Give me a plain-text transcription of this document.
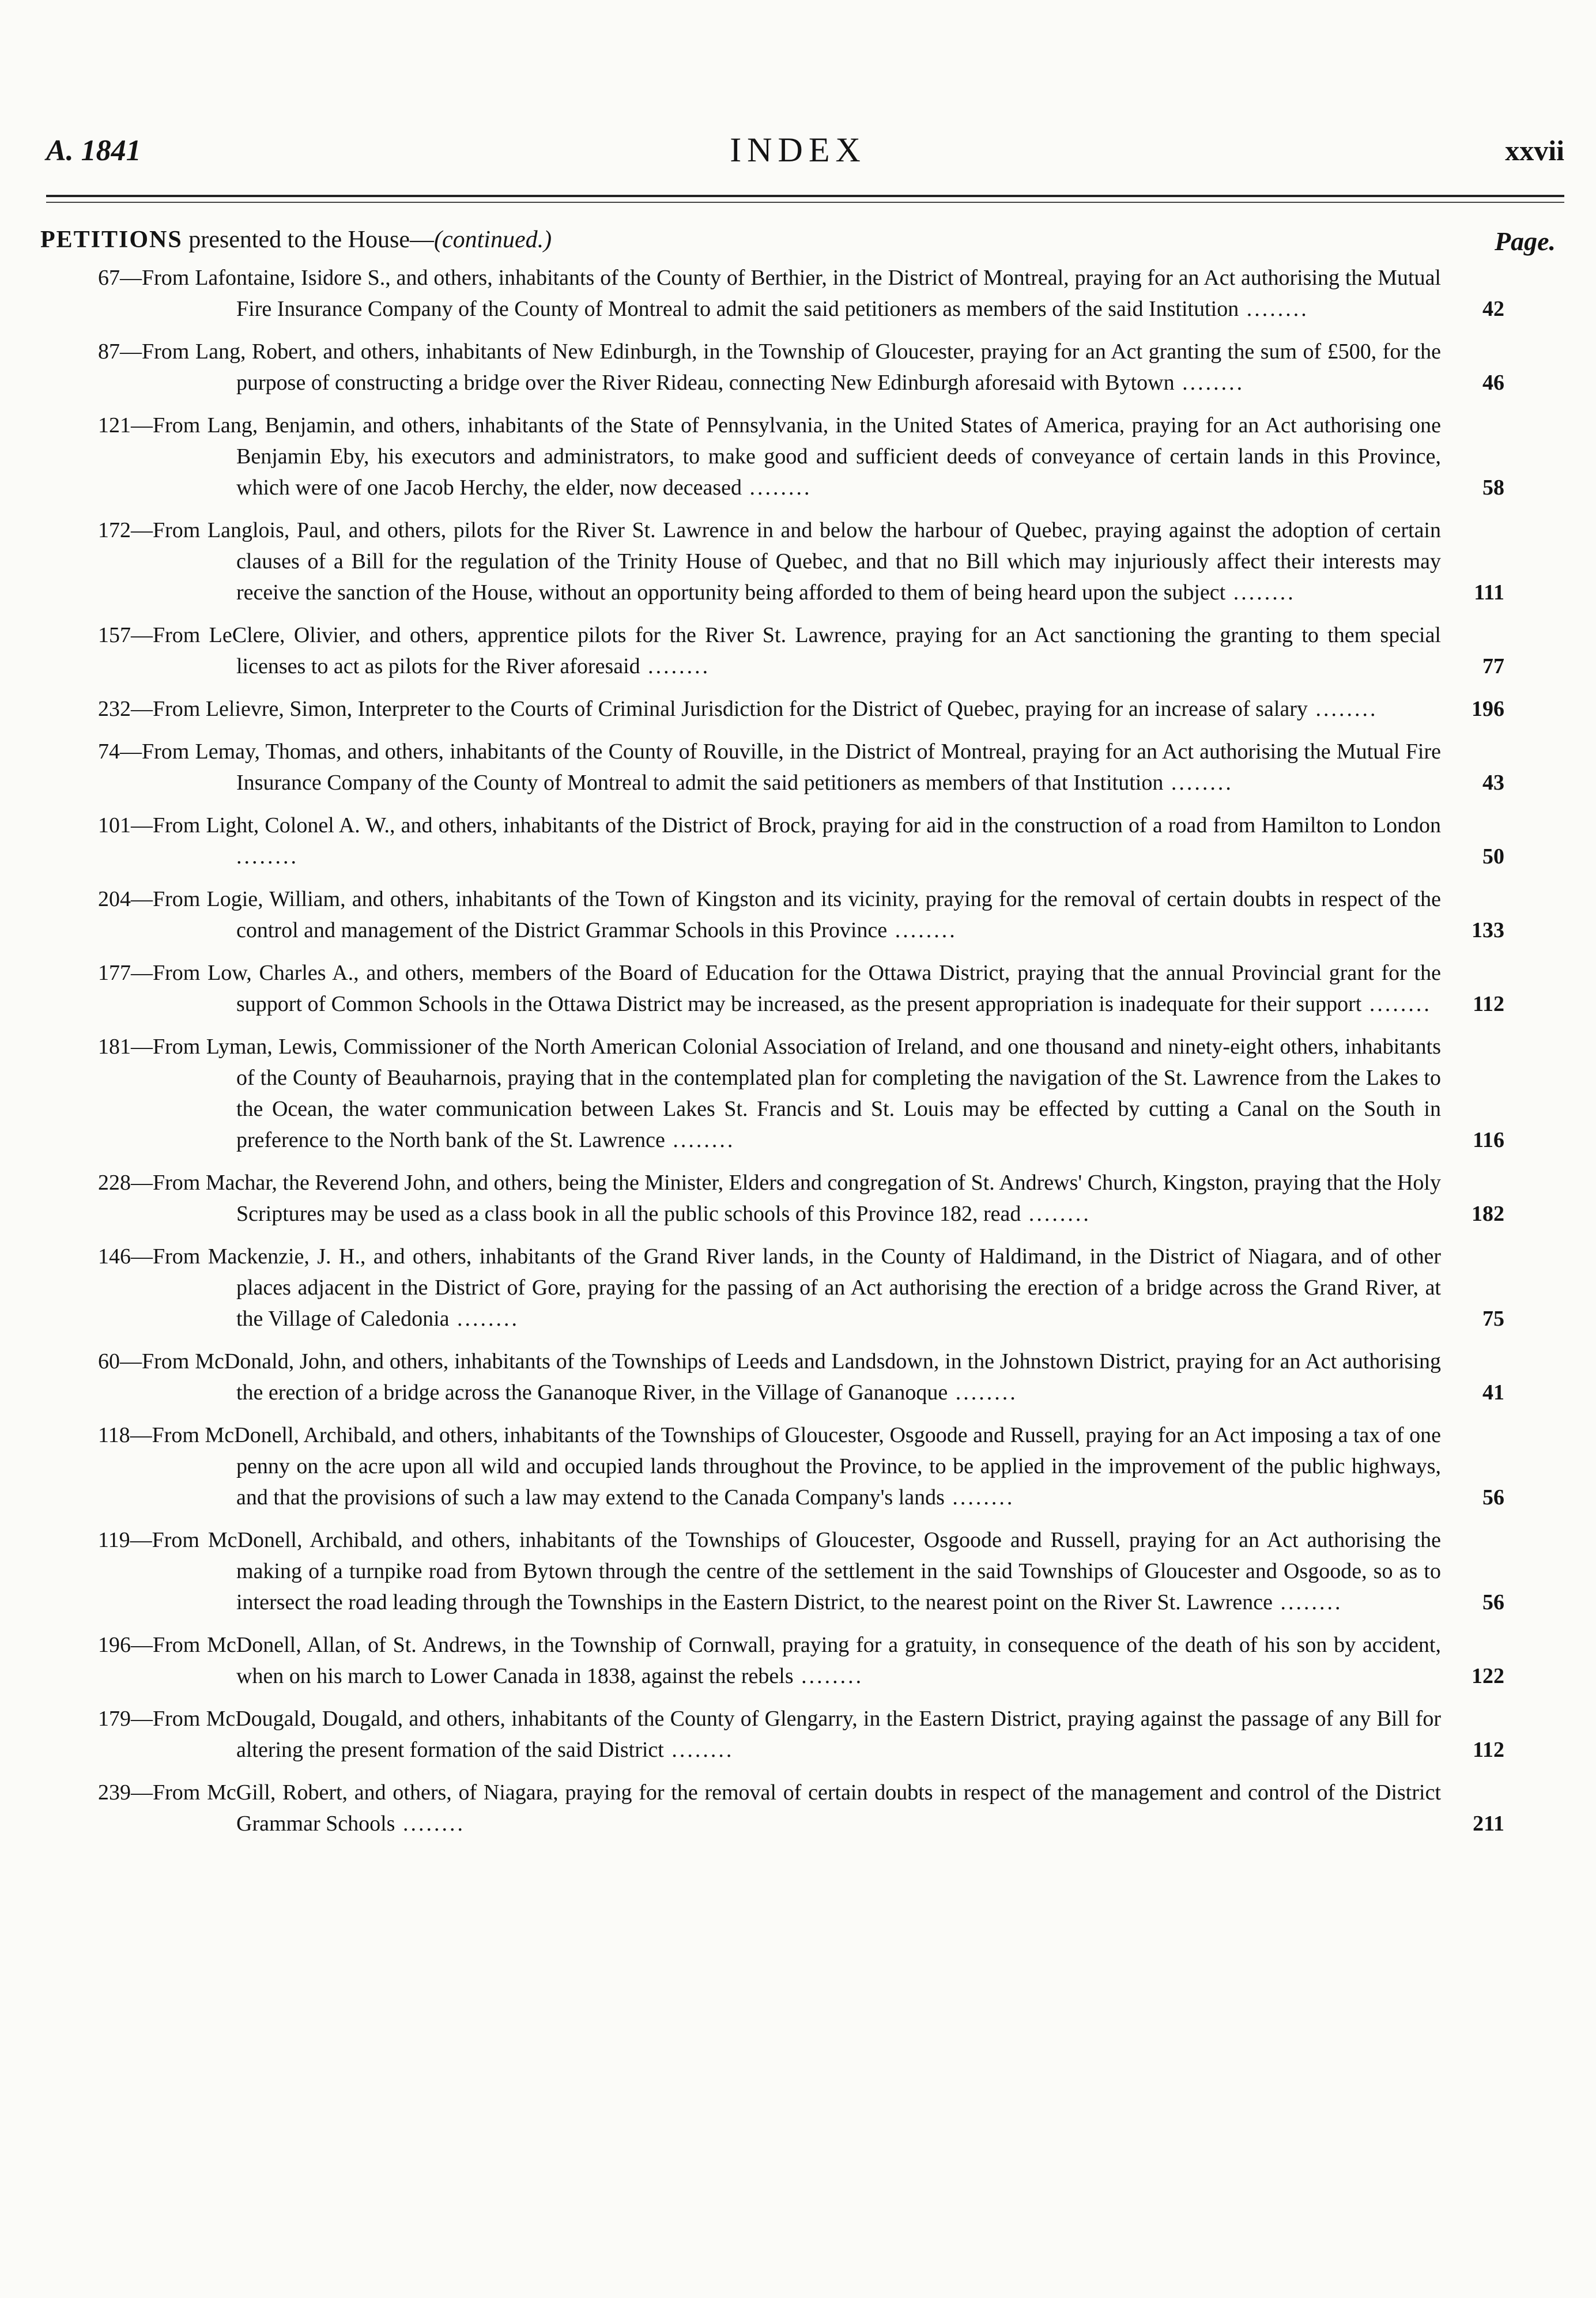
A. 1841	INDEX	xxvii
PETITIONS presented to the House—(continued.)	Page.
67—From Lafontaine, Isidore S., and others, inhabitants of the County of Berthier, in the District of Montreal, praying for an Act authorising the Mutual Fire Insurance Company of the County of Montreal to admit the said petitioners as members of the said Institution ........	42
87—From Lang, Robert, and others, inhabitants of New Edinburgh, in the Township of Gloucester, praying for an Act granting the sum of £500, for the purpose of constructing a bridge over the River Rideau, connecting New Edinburgh aforesaid with Bytown ........	46
121—From Lang, Benjamin, and others, inhabitants of the State of Pennsylvania, in the United States of America, praying for an Act authorising one Benjamin Eby, his executors and administrators, to make good and sufficient deeds of conveyance of certain lands in this Province, which were of one Jacob Herchy, the elder, now deceased ........	58
172—From Langlois, Paul, and others, pilots for the River St. Lawrence in and below the harbour of Quebec, praying against the adoption of certain clauses of a Bill for the regulation of the Trinity House of Quebec, and that no Bill which may injuriously affect their interests may receive the sanction of the House, without an opportunity being afforded to them of being heard upon the subject ........	111
157—From LeClere, Olivier, and others, apprentice pilots for the River St. Lawrence, praying for an Act sanctioning the granting to them special licenses to act as pilots for the River aforesaid ........	77
232—From Lelievre, Simon, Interpreter to the Courts of Criminal Jurisdiction for the District of Quebec, praying for an increase of salary ........	196
74—From Lemay, Thomas, and others, inhabitants of the County of Rouville, in the District of Montreal, praying for an Act authorising the Mutual Fire Insurance Company of the County of Montreal to admit the said petitioners as members of that Institution ........	43
101—From Light, Colonel A. W., and others, inhabitants of the District of Brock, praying for aid in the construction of a road from Hamilton to London ........	50
204—From Logie, William, and others, inhabitants of the Town of Kingston and its vicinity, praying for the removal of certain doubts in respect of the control and management of the District Grammar Schools in this Province ........	133
177—From Low, Charles A., and others, members of the Board of Education for the Ottawa District, praying that the annual Provincial grant for the support of Common Schools in the Ottawa District may be increased, as the present appropriation is inadequate for their support ........	112
181—From Lyman, Lewis, Commissioner of the North American Colonial Association of Ireland, and one thousand and ninety-eight others, inhabitants of the County of Beauharnois, praying that in the contemplated plan for completing the navigation of the St. Lawrence from the Lakes to the Ocean, the water communication between Lakes St. Francis and St. Louis may be effected by cutting a Canal on the South in preference to the North bank of the St. Lawrence ........	116
228—From Machar, the Reverend John, and others, being the Minister, Elders and congregation of St. Andrews' Church, Kingston, praying that the Holy Scriptures may be used as a class book in all the public schools of this Province 182, read ........	182
146—From Mackenzie, J. H., and others, inhabitants of the Grand River lands, in the County of Haldimand, in the District of Niagara, and of other places adjacent in the District of Gore, praying for the passing of an Act authorising the erection of a bridge across the Grand River, at the Village of Caledonia ........	75
60—From McDonald, John, and others, inhabitants of the Townships of Leeds and Landsdown, in the Johnstown District, praying for an Act authorising the erection of a bridge across the Gananoque River, in the Village of Gananoque ........	41
118—From McDonell, Archibald, and others, inhabitants of the Townships of Gloucester, Osgoode and Russell, praying for an Act imposing a tax of one penny on the acre upon all wild and occupied lands throughout the Province, to be applied in the improvement of the public highways, and that the provisions of such a law may extend to the Canada Company's lands ........	56
119—From McDonell, Archibald, and others, inhabitants of the Townships of Gloucester, Osgoode and Russell, praying for an Act authorising the making of a turnpike road from Bytown through the centre of the settlement in the said Townships of Gloucester and Osgoode, so as to intersect the road leading through the Townships in the Eastern District, to the nearest point on the River St. Lawrence ........	56
196—From McDonell, Allan, of St. Andrews, in the Township of Cornwall, praying for a gratuity, in consequence of the death of his son by accident, when on his march to Lower Canada in 1838, against the rebels ........	122
179—From McDougald, Dougald, and others, inhabitants of the County of Glengarry, in the Eastern District, praying against the passage of any Bill for altering the present formation of the said District ........	112
239—From McGill, Robert, and others, of Niagara, praying for the removal of certain doubts in respect of the management and control of the District Grammar Schools ........	211
